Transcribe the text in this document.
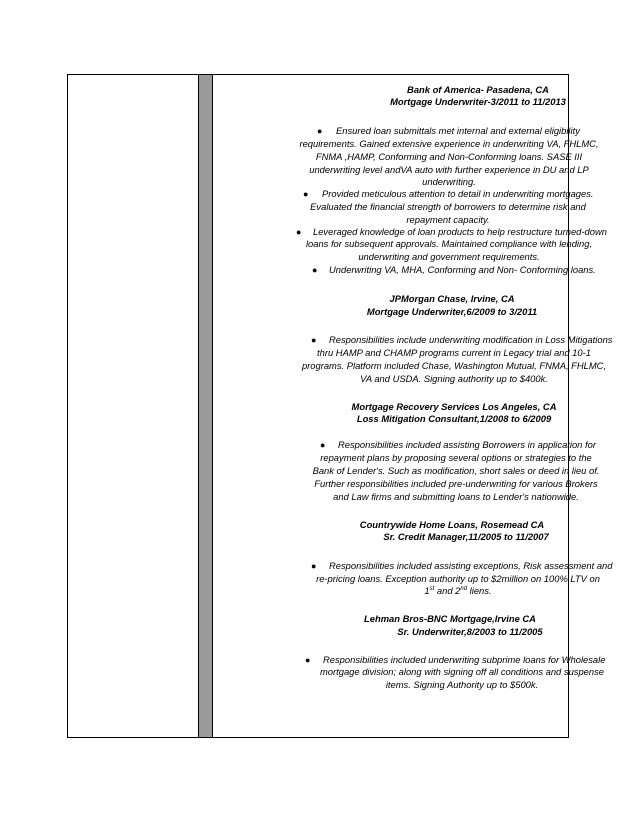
Bank of America- Pasadena, CA
Mortgage Underwriter-3/2011 to 11/2013
● Ensured loan submittals met internal and external eligibility
requirements. Gained extensive experience in underwriting VA, FHLMC,
FNMA ,HAMP, Conforming and Non-Conforming loans. SASE III
underwriting level andVA auto with further experience in DU and LP
underwriting.
● Provided meticulous attention to detail in underwriting mortgages.
Evaluated the financial strength of borrowers to determine risk and
repayment capacity.
● Leveraged knowledge of loan products to help restructure turned-down
loans for subsequent approvals. Maintained compliance with lending,
underwriting and government requirements.
● Underwriting VA, MHA, Conforming and Non- Conforming loans.
JPMorgan Chase, Irvine, CA
Mortgage Underwriter,6/2009 to 3/2011
● Responsibilities include underwriting modification in Loss Mitigations
thru HAMP and CHAMP programs current in Legacy trial and 10-1
programs. Platform included Chase, Washington Mutual, FNMA, FHLMC,
VA and USDA. Signing authority up to $400k.
Mortgage Recovery Services Los Angeles, CA
Loss Mitigation Consultant,1/2008 to 6/2009
● Responsibilities included assisting Borrowers in application for
repayment plans by proposing several options or strategies to the
Bank of Lender's. Such as modification, short sales or deed in lieu of.
Further responsibilities included pre-underwriting for various Brokers
and Law firms and submitting loans to Lender's nationwide.
Countrywide Home Loans, Rosemead CA
Sr. Credit Manager,11/2005 to 11/2007
● Responsibilities included assisting exceptions, Risk assessment and
re-pricing loans. Exception authority up to $2million on 100% LTV on
1st and 2nd liens.
Lehman Bros-BNC Mortgage,Irvine CA
Sr. Underwriter,8/2003 to 11/2005
● Responsibilities included underwriting subprime loans for Wholesale
mortgage division; along with signing off all conditions and suspense
items. Signing Authority up to $500k.
